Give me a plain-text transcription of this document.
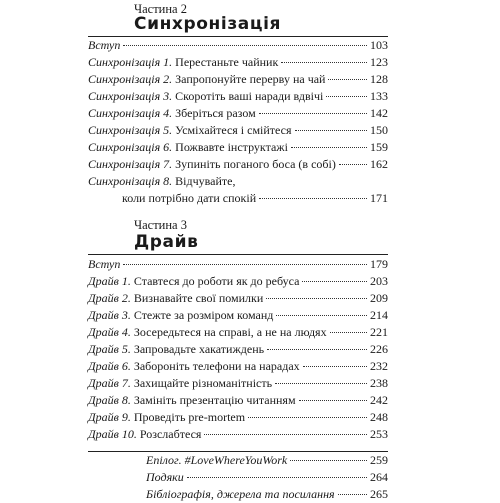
Частина 2
Синхронізація
Вступ	103
Синхронізація 1. Перестаньте чайник	123
Синхронізація 2. Запропонуйте перерву на чай	128
Синхронізація 3. Скоротіть ваші наради вдвічі	133
Синхронізація 4. Зберіться разом	142
Синхронізація 5. Усміхайтеся і смійтеся	150
Синхронізація 6. Пожвавте інструктажі	159
Синхронізація 7. Зупиніть поганого боса (в собі)	162
Синхронізація 8. Відчувайте,
коли потрібно дати спокій	171
Частина 3
Драйв
Вступ	179
Драйв 1. Ставтеся до роботи як до ребуса	203
Драйв 2. Визнавайте свої помилки	209
Драйв 3. Стежте за розміром команд	214
Драйв 4. Зосередьтеся на справі, а не на людях	221
Драйв 5. Запровадьте хакатиждень	226
Драйв 6. Забороніть телефони на нарадах	232
Драйв 7. Захищайте різноманітність	238
Драйв 8. Замініть презентацію читанням	242
Драйв 9. Проведіть pre-mortem	248
Драйв 10. Розслабтеся	253
Епілог. #LoveWhereYouWork	259
Подяки	264
Бібліографія, джерела та посилання	265
